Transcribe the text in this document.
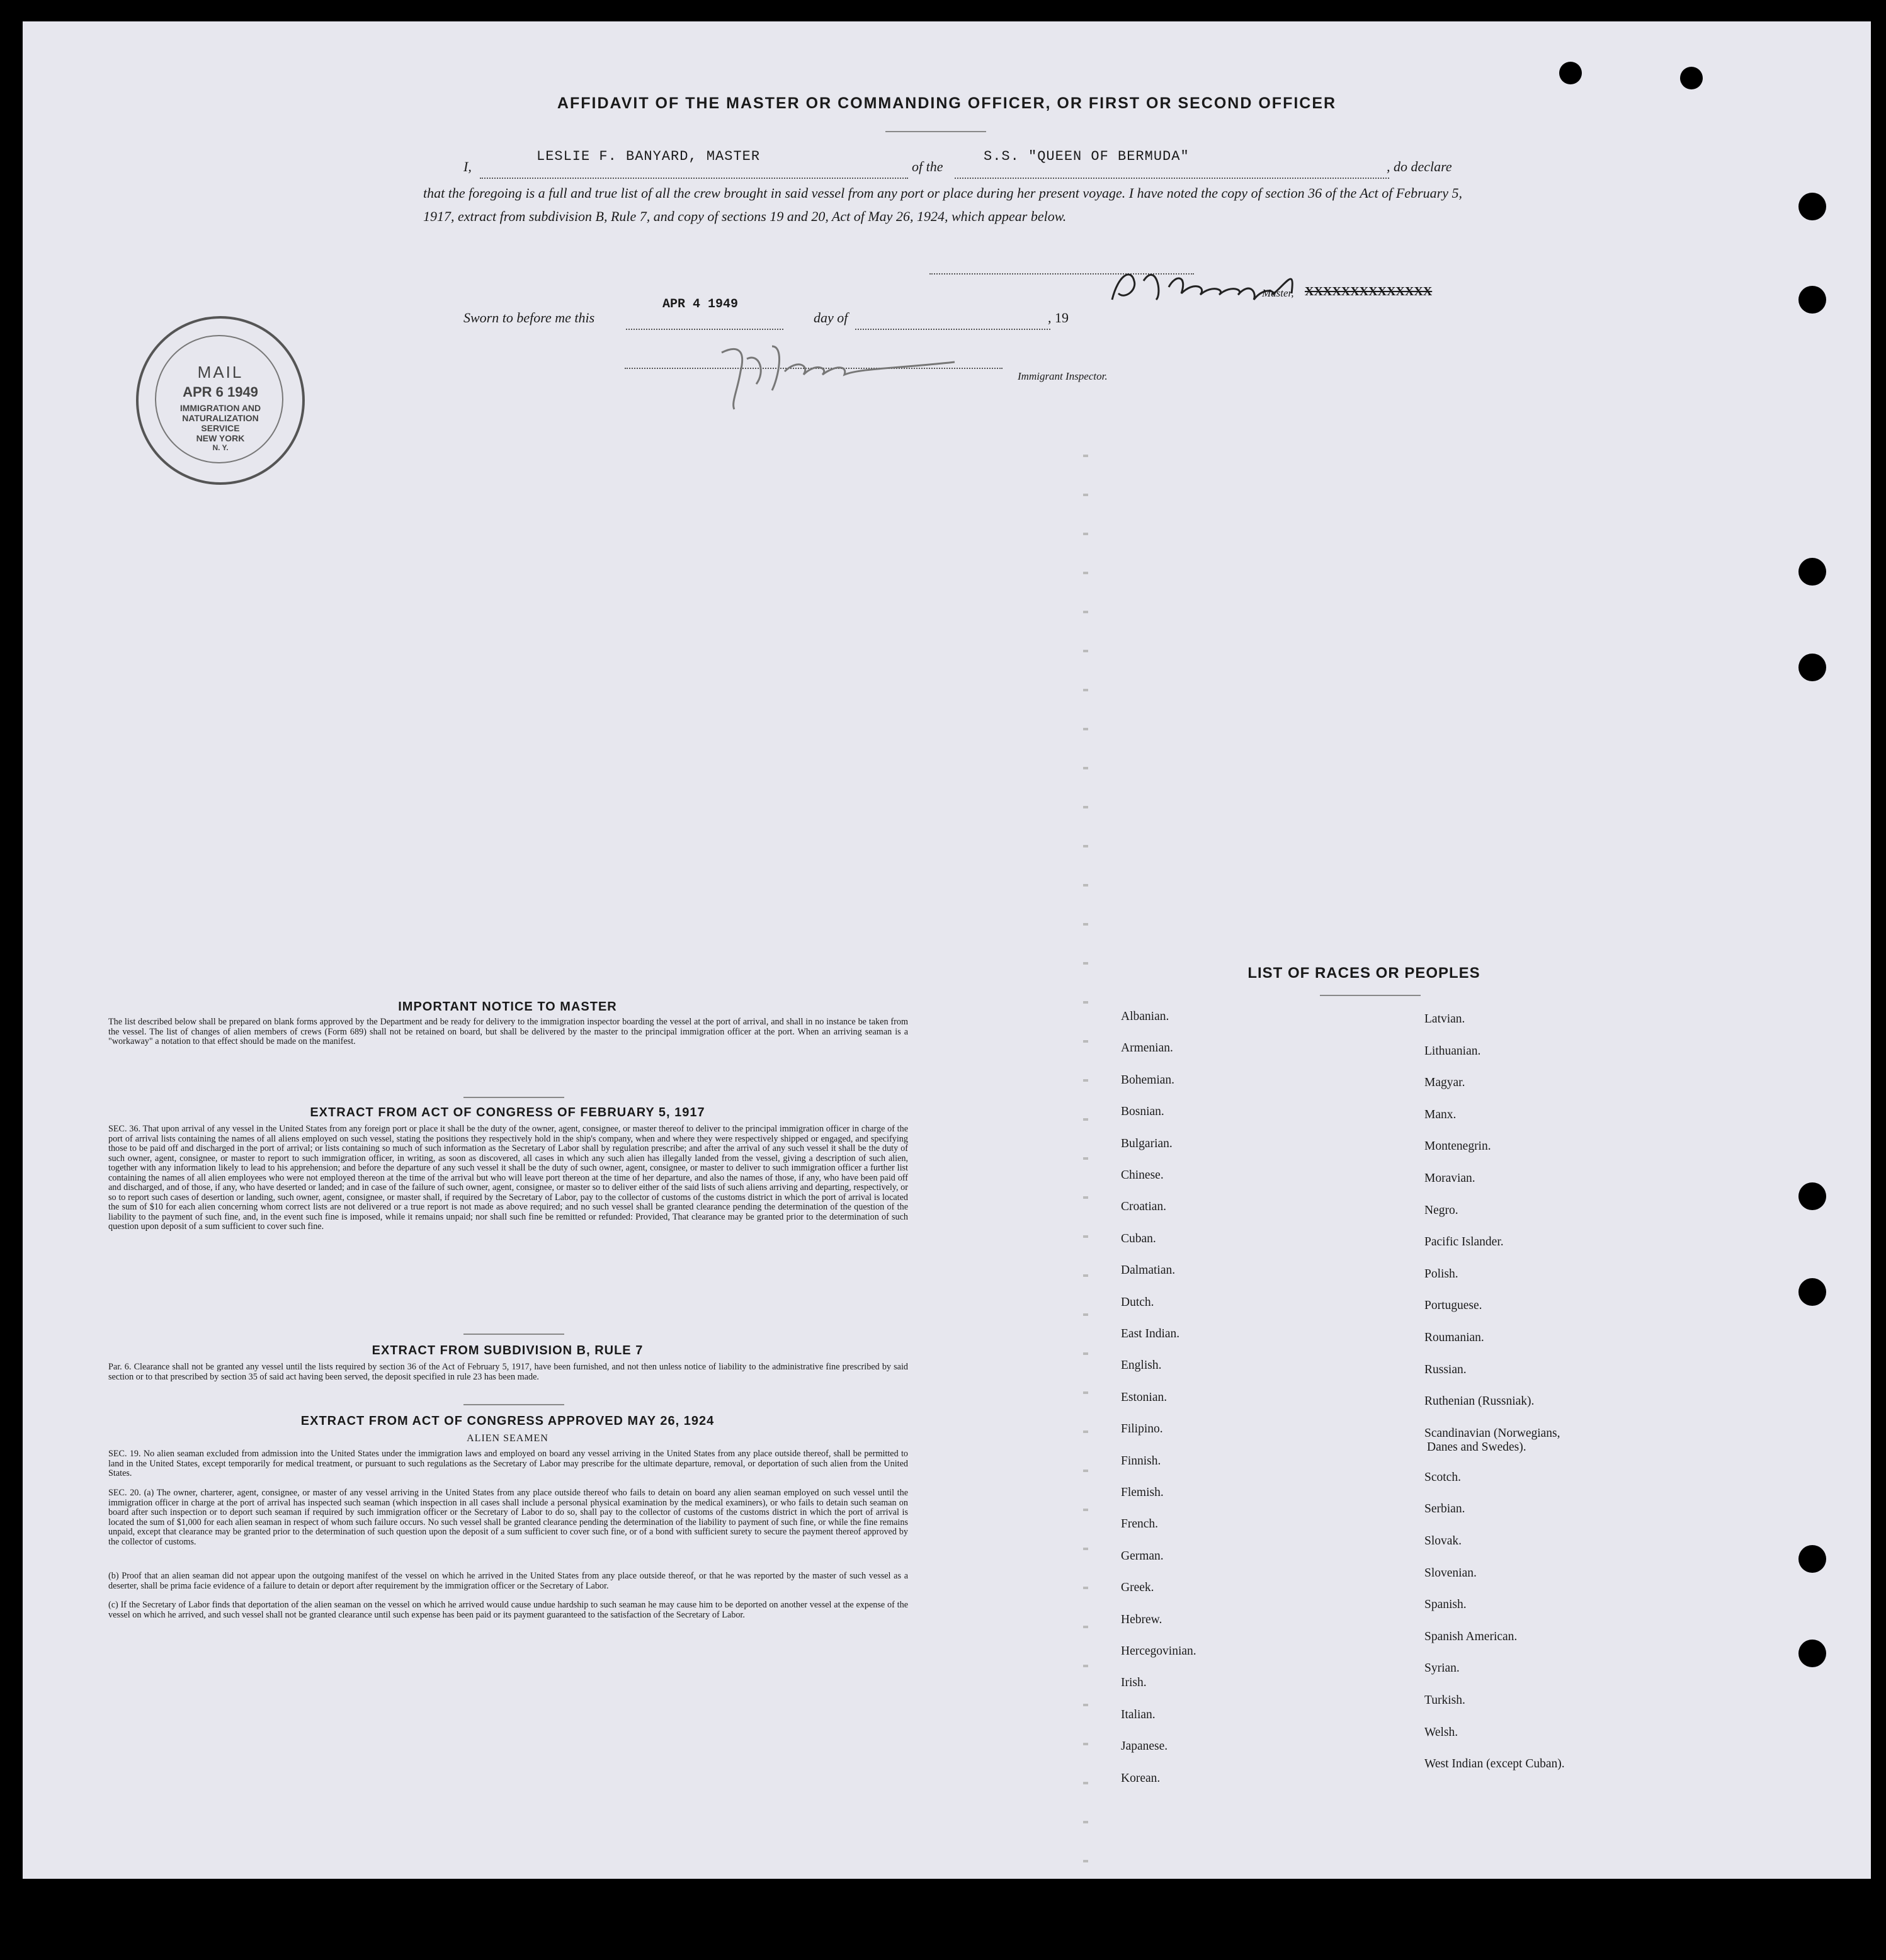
AFFIDAVIT OF THE MASTER OR COMMANDING OFFICER, OR FIRST OR SECOND OFFICER
I,
LESLIE F. BANYARD, MASTER
of the
S.S. "QUEEN OF BERMUDA"
, do declare
that the foregoing is a full and true list of all the crew brought in said vessel from any port or place during her present voyage. I have noted the copy of section 36 of the Act of February 5, 1917, extract from subdivision B, Rule 7, and copy of sections 19 and 20, Act of May 26, 1924, which appear below.
Master, XXXXXXXXXXXXXX
Sworn to before me this
APR 4 1949
day of	, 19
Immigrant Inspector.
MAIL
APR 6 1949
IMMIGRATION AND
NATURALIZATION
SERVICE
NEW YORK
N. Y.
IMPORTANT NOTICE TO MASTER
The list described below shall be prepared on blank forms approved by the Department and be ready for delivery to the immigration inspector boarding the vessel at the port of arrival, and shall in no instance be taken from the vessel. The list of changes of alien members of crews (Form 689) shall not be retained on board, but shall be delivered by the master to the principal immigration officer at the port. When an arriving seaman is a "workaway" a notation to that effect should be made on the manifest.
EXTRACT FROM ACT OF CONGRESS OF FEBRUARY 5, 1917
SEC. 36. That upon arrival of any vessel in the United States from any foreign port or place it shall be the duty of the owner, agent, consignee, or master thereof to deliver to the principal immigration officer in charge of the port of arrival lists containing the names of all aliens employed on such vessel, stating the positions they respectively hold in the ship's company, when and where they were respectively shipped or engaged, and specifying those to be paid off and discharged in the port of arrival; or lists containing so much of such information as the Secretary of Labor shall by regulation prescribe; and after the arrival of any such vessel it shall be the duty of such owner, agent, consignee, or master to report to such immigration officer, in writing, as soon as discovered, all cases in which any such alien has illegally landed from the vessel, giving a description of such alien, together with any information likely to lead to his apprehension; and before the departure of any such vessel it shall be the duty of such owner, agent, consignee, or master to deliver to such immigration officer a further list containing the names of all alien employees who were not employed thereon at the time of the arrival but who will leave port thereon at the time of her departure, and also the names of those, if any, who have been paid off and discharged, and of those, if any, who have deserted or landed; and in case of the failure of such owner, agent, consignee, or master so to deliver either of the said lists of such aliens arriving and departing, respectively, or so to report such cases of desertion or landing, such owner, agent, consignee, or master shall, if required by the Secretary of Labor, pay to the collector of customs of the customs district in which the port of arrival is located the sum of $10 for each alien concerning whom correct lists are not delivered or a true report is not made as above required; and no such vessel shall be granted clearance pending the determination of the question of the liability to the payment of such fine, and, in the event such fine is imposed, while it remains unpaid; nor shall such fine be remitted or refunded: Provided, That clearance may be granted prior to the determination of such question upon deposit of a sum sufficient to cover such fine.
EXTRACT FROM SUBDIVISION B, RULE 7
Par. 6. Clearance shall not be granted any vessel until the lists required by section 36 of the Act of February 5, 1917, have been furnished, and not then unless notice of liability to the administrative fine prescribed by said section or to that prescribed by section 35 of said act having been served, the deposit specified in rule 23 has been made.
EXTRACT FROM ACT OF CONGRESS APPROVED MAY 26, 1924
ALIEN SEAMEN
SEC. 19. No alien seaman excluded from admission into the United States under the immigration laws and employed on board any vessel arriving in the United States from any place outside thereof, shall be permitted to land in the United States, except temporarily for medical treatment, or pursuant to such regulations as the Secretary of Labor may prescribe for the ultimate departure, removal, or deportation of such alien from the United States.
SEC. 20. (a) The owner, charterer, agent, consignee, or master of any vessel arriving in the United States from any place outside thereof who fails to detain on board any alien seaman employed on such vessel until the immigration officer in charge at the port of arrival has inspected such seaman (which inspection in all cases shall include a personal physical examination by the medical examiners), or who fails to detain such seaman on board after such inspection or to deport such seaman if required by such immigration officer or the Secretary of Labor to do so, shall pay to the collector of customs of the customs district in which the port of arrival is located the sum of $1,000 for each alien seaman in respect of whom such failure occurs. No such vessel shall be granted clearance pending the determination of the liability to payment of such fine, or while the fine remains unpaid, except that clearance may be granted prior to the determination of such question upon the deposit of a sum sufficient to cover such fine, or of a bond with sufficient surety to secure the payment thereof approved by the collector of customs.
(b) Proof that an alien seaman did not appear upon the outgoing manifest of the vessel on which he arrived in the United States from any place outside thereof, or that he was reported by the master of such vessel as a deserter, shall be prima facie evidence of a failure to detain or deport after requirement by the immigration officer or the Secretary of Labor.
(c) If the Secretary of Labor finds that deportation of the alien seaman on the vessel on which he arrived would cause undue hardship to such seaman he may cause him to be deported on another vessel at the expense of the vessel on which he arrived, and such vessel shall not be granted clearance until such expense has been paid or its payment guaranteed to the satisfaction of the Secretary of Labor.
LIST OF RACES OR PEOPLES
Albanian.
Armenian.
Bohemian.
Bosnian.
Bulgarian.
Chinese.
Croatian.
Cuban.
Dalmatian.
Dutch.
East Indian.
English.
Estonian.
Filipino.
Finnish.
Flemish.
French.
German.
Greek.
Hebrew.
Hercegovinian.
Irish.
Italian.
Japanese.
Korean.
Latvian.
Lithuanian.
Magyar.
Manx.
Montenegrin.
Moravian.
Negro.
Pacific Islander.
Polish.
Portuguese.
Roumanian.
Russian.
Ruthenian (Russniak).
Scandinavian (Norwegians,
Danes and Swedes).
Scotch.
Serbian.
Slovak.
Slovenian.
Spanish.
Spanish American.
Syrian.
Turkish.
Welsh.
West Indian (except Cuban).
